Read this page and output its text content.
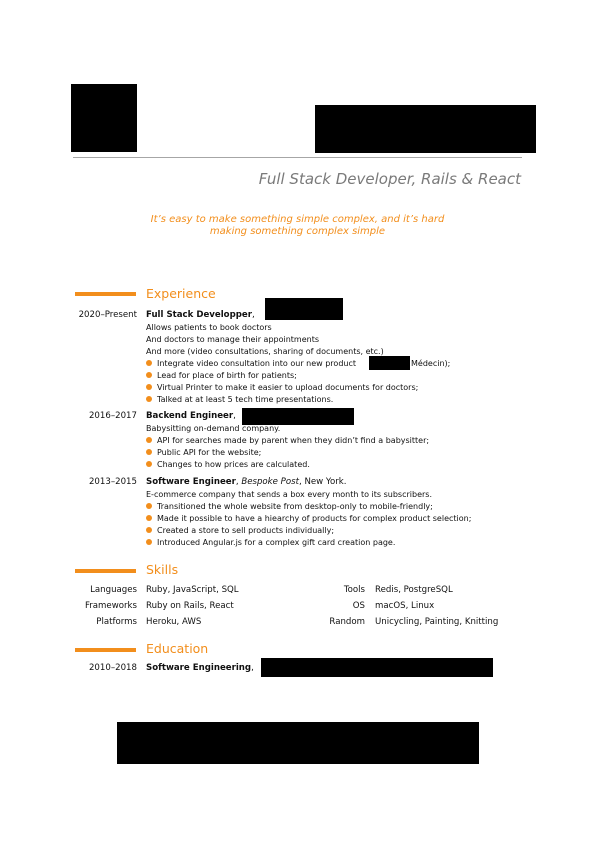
Full Stack Developer, Rails & React
It’s easy to make something simple complex, and it’s hard
making something complex simple
Experience
2020–Present Full Stack Developper,
Allows patients to book doctors
And doctors to manage their appointments
And more (video consultations, sharing of documents, etc.)
Integrate video consultation into our new product	Médecin);
Lead for place of birth for patients;
Virtual Printer to make it easier to upload documents for doctors;
Talked at at least 5 tech time presentations.
2016–2017 Backend Engineer,
Babysitting on-demand company.
API for searches made by parent when they didn’t find a babysitter;
Public API for the website;
Changes to how prices are calculated.
2013–2015 Software Engineer, Bespoke Post, New York.
E-commerce company that sends a box every month to its subscribers.
Transitioned the whole website from desktop-only to mobile-friendly;
Made it possible to have a hiearchy of products for complex product selection;
Created a store to sell products individually;
Introduced Angular.js for a complex gift card creation page.
Skills
Languages Ruby, JavaScript, SQL
Frameworks Ruby on Rails, React
Platforms Heroku, AWS
Tools Redis, PostgreSQL
OS macOS, Linux
Random Unicycling, Painting, Knitting
Education
2010–2018 Software Engineering,
